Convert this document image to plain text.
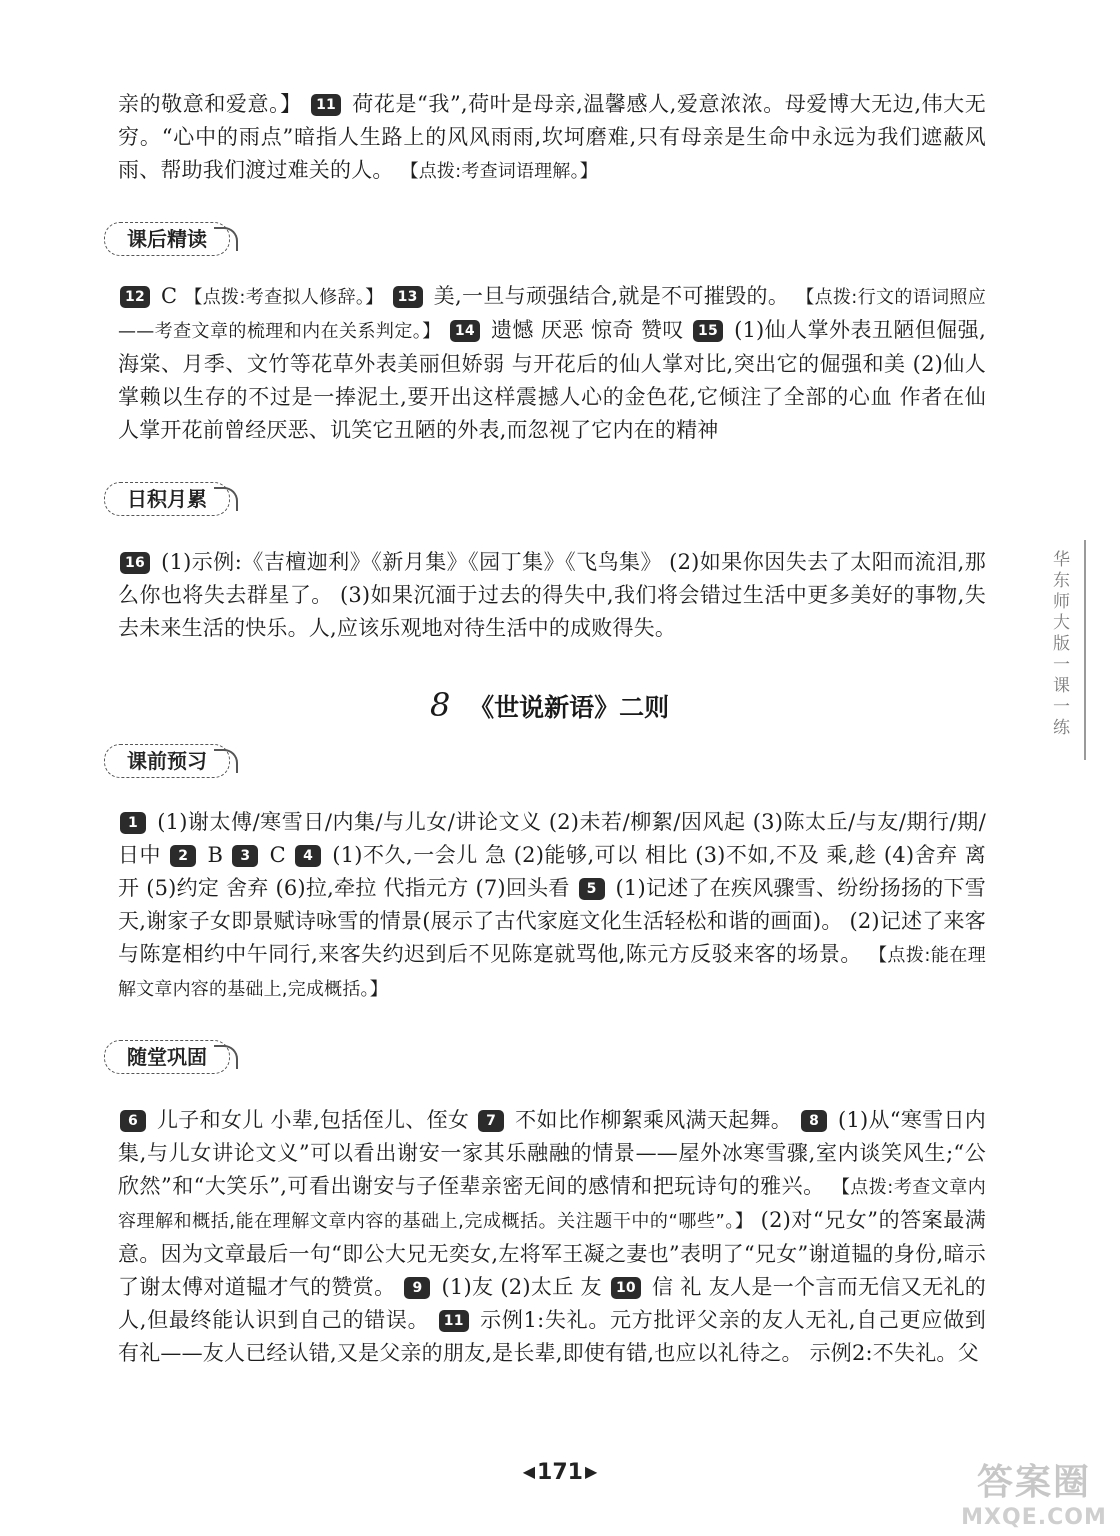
亲的敬意和爱意。】 11 荷花是“我”,荷叶是母亲,温馨感人,爱意浓浓。母爱博大无边,伟大无穷。“心中的雨点”暗指人生路上的风风雨雨,坎坷磨难,只有母亲是生命中永远为我们遮蔽风雨、帮助我们渡过难关的人。 【点拨:考查词语理解。】

课后精读

12 C 【点拨:考查拟人修辞。】 13 美,一旦与顽强结合,就是不可摧毁的。 【点拨:行文的语词照应——考查文章的梳理和内在关系判定。】 14 遗憾 厌恶 惊奇 赞叹 15 (1)仙人掌外表丑陋但倔强,海棠、月季、文竹等花草外表美丽但娇弱 与开花后的仙人掌对比,突出它的倔强和美 (2)仙人掌赖以生存的不过是一捧泥土,要开出这样震撼人心的金色花,它倾注了全部的心血 作者在仙人掌开花前曾经厌恶、讥笑它丑陋的外表,而忽视了它内在的精神

日积月累

16 (1)示例:《吉檀迦利》《新月集》《园丁集》《飞鸟集》 (2)如果你因失去了太阳而流泪,那么你也将失去群星了。 (3)如果沉湎于过去的得失中,我们将会错过生活中更多美好的事物,失去未来生活的快乐。人,应该乐观地对待生活中的成败得失。

8 《世说新语》二则
课前预习

1 (1)谢太傅/寒雪日/内集/与儿女/讲论文义 (2)未若/柳絮/因风起 (3)陈太丘/与友/期行/期/日中 2 B 3 C 4 (1)不久,一会儿 急 (2)能够,可以 相比 (3)不如,不及 乘,趁 (4)舍弃 离开 (5)约定 舍弃 (6)拉,牵拉 代指元方 (7)回头看 5 (1)记述了在疾风骤雪、纷纷扬扬的下雪天,谢家子女即景赋诗咏雪的情景(展示了古代家庭文化生活轻松和谐的画面)。 (2)记述了来客与陈寔相约中午同行,来客失约迟到后不见陈寔就骂他,陈元方反驳来客的场景。 【点拨:能在理解文章内容的基础上,完成概括。】

随堂巩固

6 儿子和女儿 小辈,包括侄儿、侄女 7 不如比作柳絮乘风满天起舞。 8 (1)从“寒雪日内集,与儿女讲论文义”可以看出谢安一家其乐融融的情景——屋外冰寒雪骤,室内谈笑风生;“公欣然”和“大笑乐”,可看出谢安与子侄辈亲密无间的感情和把玩诗句的雅兴。 【点拨:考查文章内容理解和概括,能在理解文章内容的基础上,完成概括。关注题干中的“哪些”。】 (2)对“兄女”的答案最满意。因为文章最后一句“即公大兄无奕女,左将军王凝之妻也”表明了“兄女”谢道韫的身份,暗示了谢太傅对道韫才气的赞赏。 9 (1)友 (2)太丘 友 10 信 礼 友人是一个言而无信又无礼的人,但最终能认识到自己的错误。 11 示例1:失礼。元方批评父亲的友人无礼,自己更应做到有礼——友人已经认错,又是父亲的朋友,是长辈,即使有错,也应以礼待之。 示例2:不失礼。父

华东师大版一课一练
◀171 ▶	答案圈
MXQE.COM
